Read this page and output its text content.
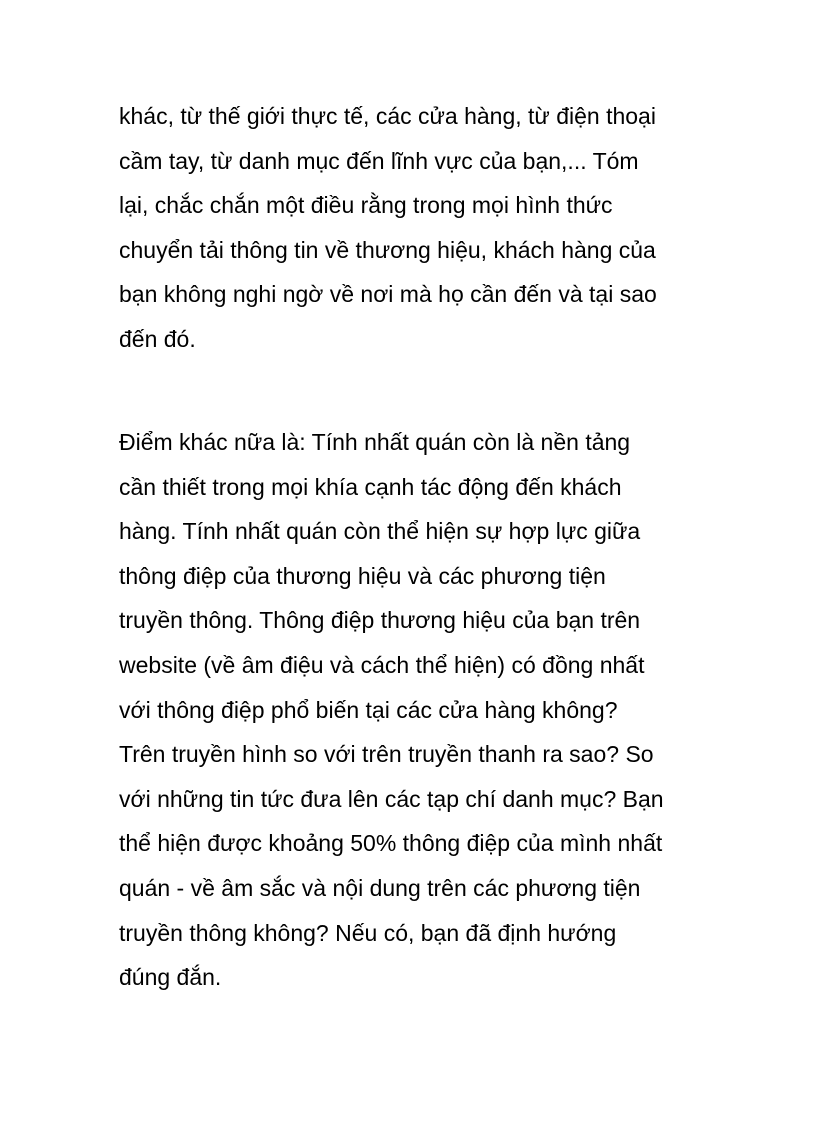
khác, từ thế giới thực tế, các cửa hàng, từ điện thoại
cầm tay, từ danh mục đến lĩnh vực của bạn,... Tóm
lại, chắc chắn một điều rằng trong mọi hình thức
chuyển tải thông tin về thương hiệu, khách hàng của
bạn không nghi ngờ về nơi mà họ cần đến và tại sao
đến đó.
Điểm khác nữa là: Tính nhất quán còn là nền tảng
cần thiết trong mọi khía cạnh tác động đến khách
hàng. Tính nhất quán còn thể hiện sự hợp lực giữa
thông điệp của thương hiệu và các phương tiện
truyền thông. Thông điệp thương hiệu của bạn trên
website (về âm điệu và cách thể hiện) có đồng nhất
với thông điệp phổ biến tại các cửa hàng không?
Trên truyền hình so với trên truyền thanh ra sao? So
với những tin tức đưa lên các tạp chí danh mục? Bạn
thể hiện được khoảng 50% thông điệp của mình nhất
quán - về âm sắc và nội dung trên các phương tiện
truyền thông không? Nếu có, bạn đã định hướng
đúng đắn.
